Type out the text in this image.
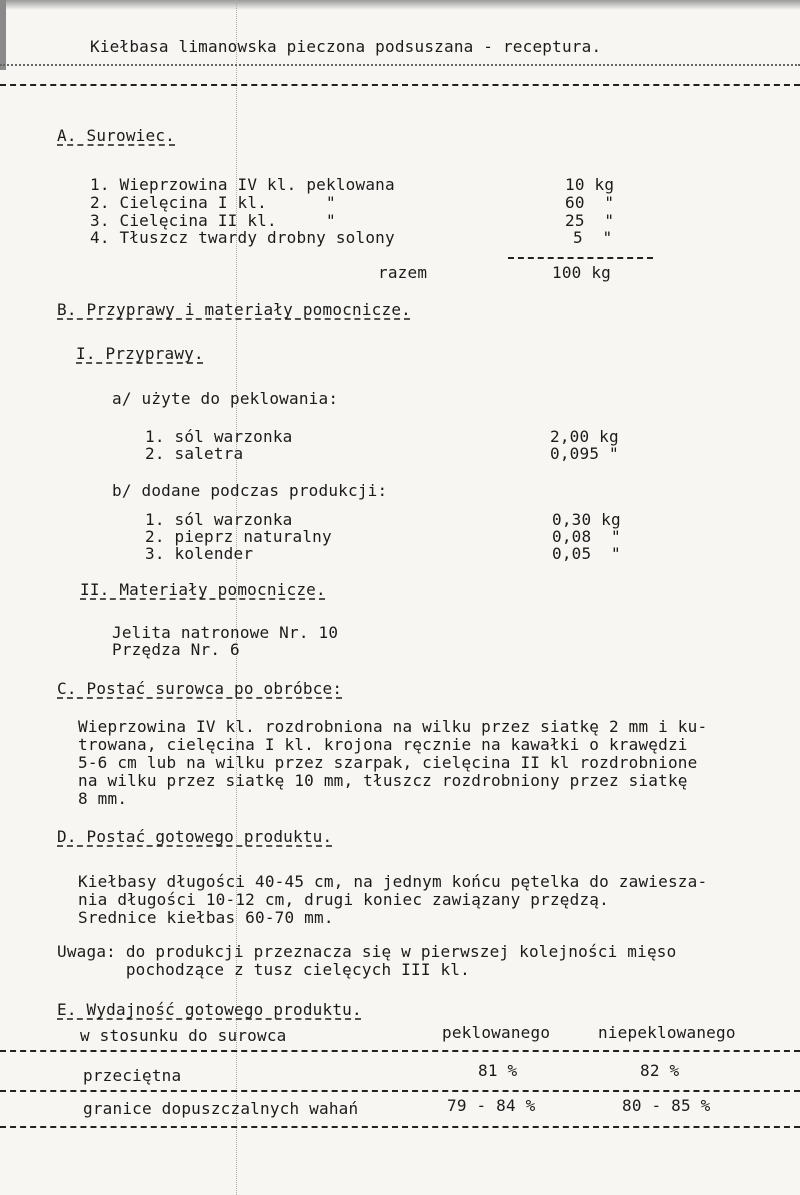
Kiełbasa limanowska pieczona podsuszana - receptura.
A. Surowiec.
1. Wieprzowina IV kl. peklowana	10 kg
2. Cielęcina I kl.      "	60  "
3. Cielęcina II kl.     "	25  "
4. Tłuszcz twardy drobny solony	5  "
razem	100 kg
B. Przyprawy i materiały pomocnicze.
I. Przyprawy.
a/ użyte do peklowania:
1. sól warzonka	2,00 kg
2. saletra	0,095 "
b/ dodane podczas produkcji:
1. sól warzonka	0,30 kg
2. pieprz naturalny	0,08  "
3. kolender	0,05  "
II. Materiały pomocnicze.
Jelita natronowe Nr. 10
Przędza Nr. 6
C. Postać surowca po obróbce:
Wieprzowina IV kl. rozdrobniona na wilku przez siatkę 2 mm i ku-
trowana, cielęcina I kl. krojona ręcznie na kawałki o krawędzi
5-6 cm lub na wilku przez szarpak, cielęcina II kl rozdrobnione
na wilku przez siatkę 10 mm, tłuszcz rozdrobniony przez siatkę
8 mm.
D. Postać gotowego produktu.
Kiełbasy długości 40-45 cm, na jednym końcu pętelka do zawiesza-
nia długości 10-12 cm, drugi koniec zawiązany przędzą.
Srednice kiełbas 60-70 mm.
Uwaga: do produkcji przeznacza się w pierwszej kolejności mięso
pochodzące z tusz cielęcych III kl.
E. Wydajność gotowego produktu.
w stosunku do surowca	peklowanego	niepeklowanego
przeciętna	81 %	82 %
granice dopuszczalnych wahań	79 - 84 %	80 - 85 %
